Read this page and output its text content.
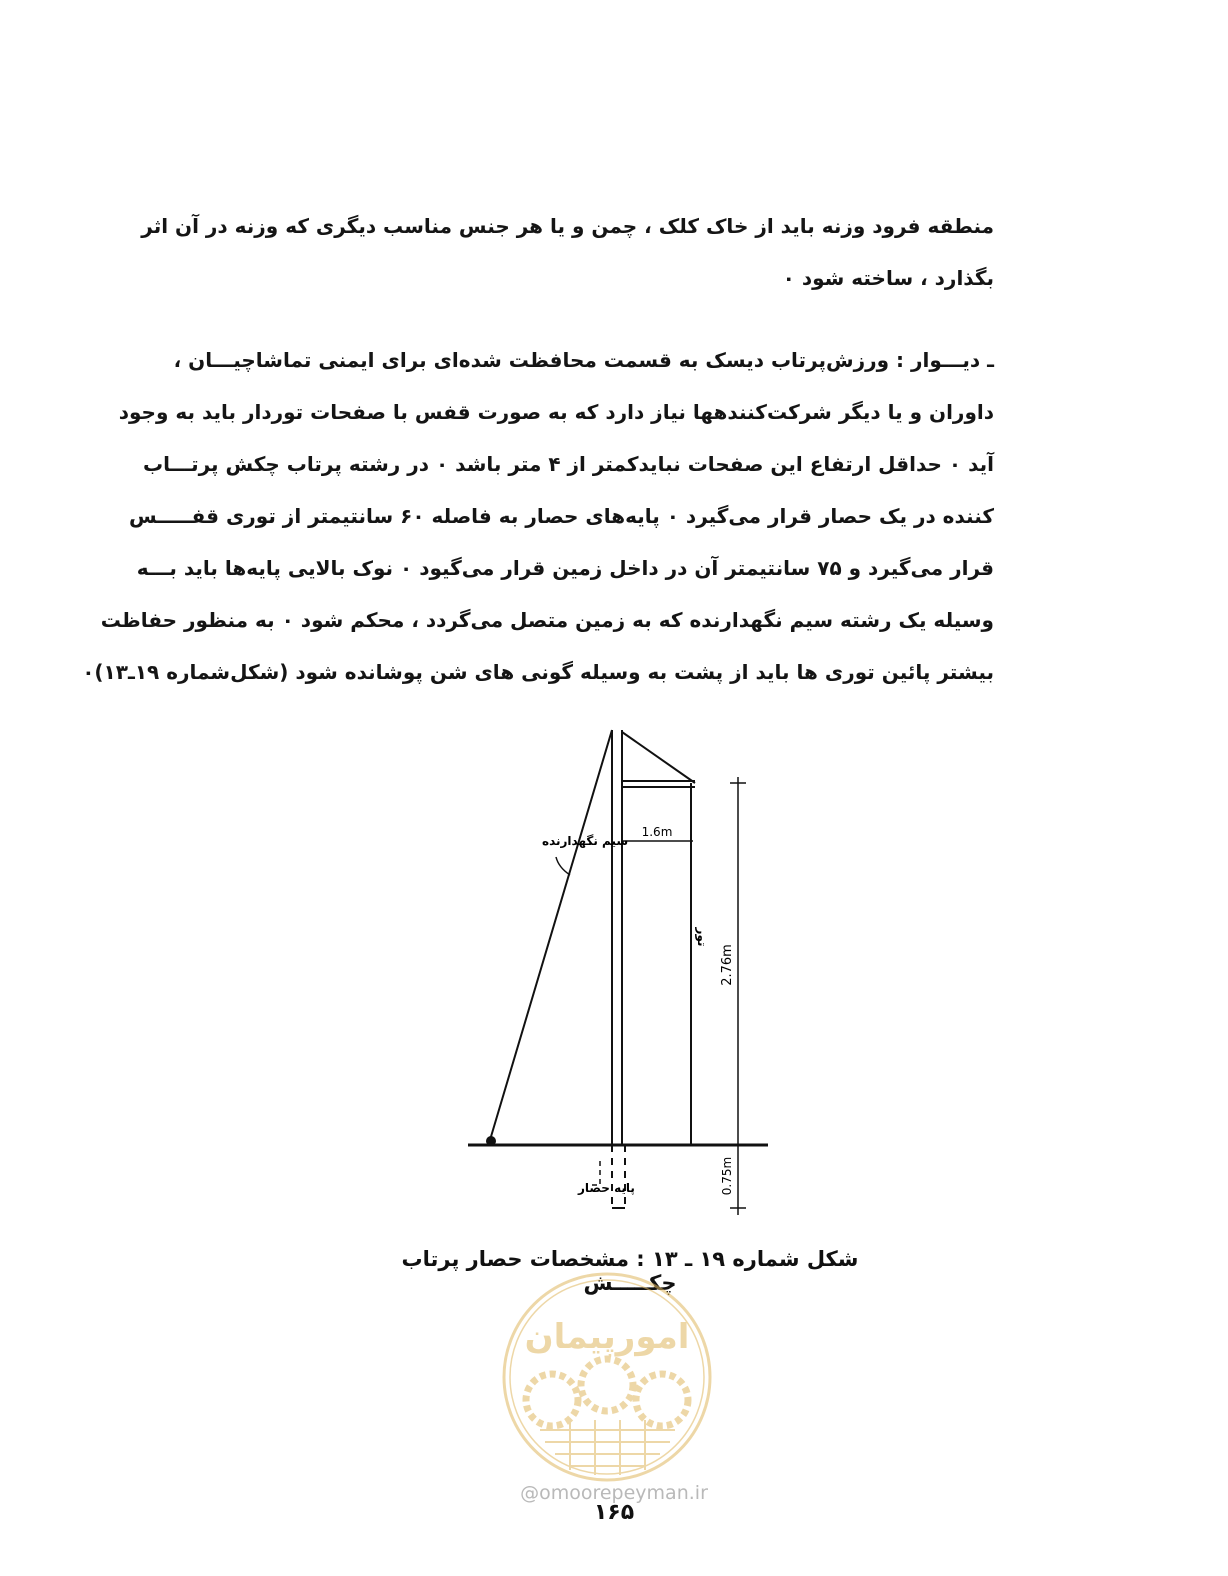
منطقه فرود وزنه باید از خاک کلک ، چمن و یا هر جنس مناسب دیگری که وزنه در آن اثر
بگذارد ، ساخته شود ۰
ـ دیـــوار : ورزش‌پرتاب دیسک به قسمت محافظت شده‌ای برای ایمنی تماشاچیـــان ،
داوران و یا دیگر شرکت‌کنندهها نیاز دارد که به صورت قفس با صفحات توردار باید به وجود
آید ۰ حداقل ارتفاع این صفحات نبایدکمتر از ۴ متر باشد ۰ در رشته پرتاب چکش پرتـــاب
کننده در یک حصار قرار می‌گیرد ۰ پایه‌های حصار به فاصله ۶۰ سانتیمتر از توری قفـــــس
قرار می‌گیرد و ۷۵ سانتیمتر آن در داخل زمین قرار می‌گیود ۰ نوک بالایی پایه‌ها باید بـــه
وسیله یک رشته سیم نگهدارنده که به زمین متصل می‌گردد ، محکم شود ۰ به منظور حفاظت
بیشتر پائین توری ها باید از پشت به وسیله گونی های شن پوشانده شود (شکل‌شماره ۱۹ـ۱۳)۰
1.6m
2.76m
0.75m
سیم نگهدارنده
تور
پایه حصار
شکل شماره ۱۹ ـ ۱۳ : مشخصات حصار پرتاب چکـــــش
امورپیمان
@omoorepeyman.ir
۱۶۵
